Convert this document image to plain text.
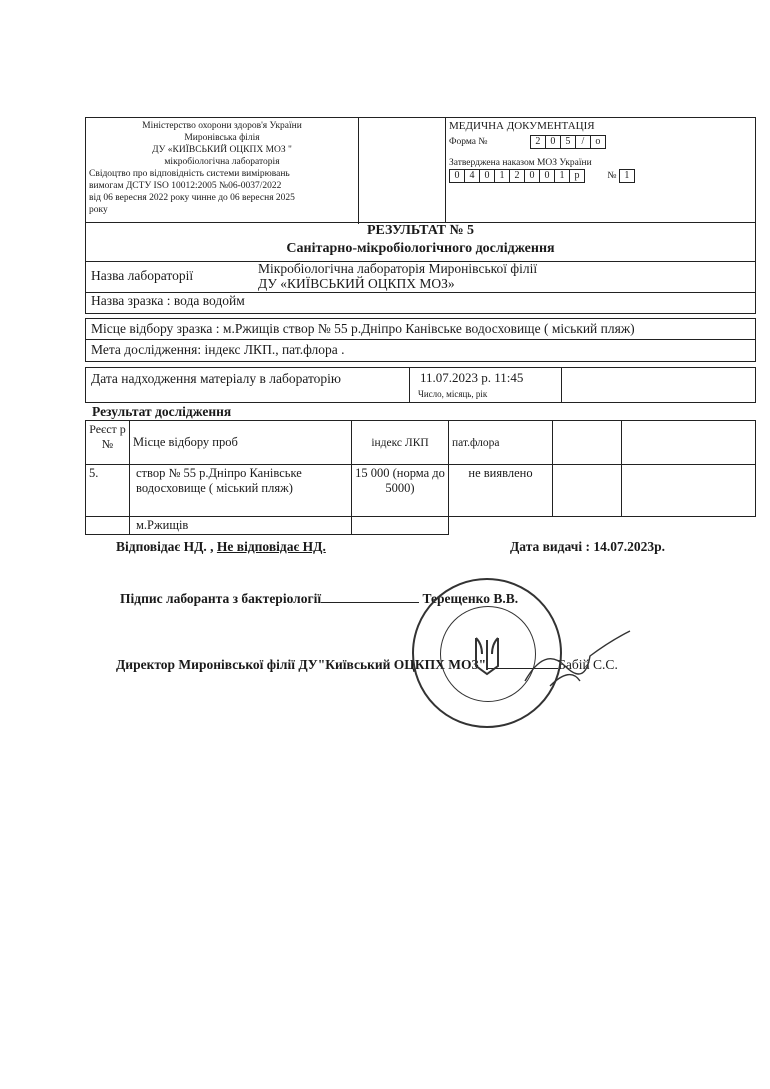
Міністерство охорони здоров'я України
Миронівська філія
ДУ «КИЇВСЬКИЙ ОЦКПХ МОЗ "
мікробіологічна лабораторія
Свідоцтво про відповідність системи вимірювань
вимогам ДСТУ ISO 10012:2005 №06-0037/2022
від 06 вересня 2022 року чинне до 06 вересня 2025
року
МЕДИЧНА ДОКУМЕНТАЦІЯ
Форма №	2	0	5	/	о
Затверджена наказом МОЗ України
0	4	0	1	2	0	0	1	р	№ 1
РЕЗУЛЬТАТ № 5
Санітарно-мікробіологічного дослідження
Назва лабораторії	Мікробіологічна лабораторія Миронівської філії
ДУ «КИЇВСЬКИЙ ОЦКПХ МОЗ»
Назва зразка : вода водойм
Місце відбору зразка : м.Ржищів створ № 55 р.Дніпро Канівське водосховище ( міський пляж)
Мета дослідження: індекс ЛКП., пат.флора .
Дата надходження матеріалу в лабораторію	11.07.2023 р. 11:45
Число, місяць, рік
Результат дослідження
Реєст р №	Місце відбору проб	індекс ЛКП	пат.флора		
5.	створ № 55 р.Дніпро Канівське водосховище ( міський пляж)	15 000 (норма до 5000)	не виявлено		
	м.Ржищів				
Відповідає НД. , Не відповідає НД.	Дата видачі : 14.07.2023р.
Підпис лаборанта з бактеріології	Терещенко В.В.
Директор Миронівської філії ДУ"Київський ОЦКПХ МОЗ"	Бабій С.С.
